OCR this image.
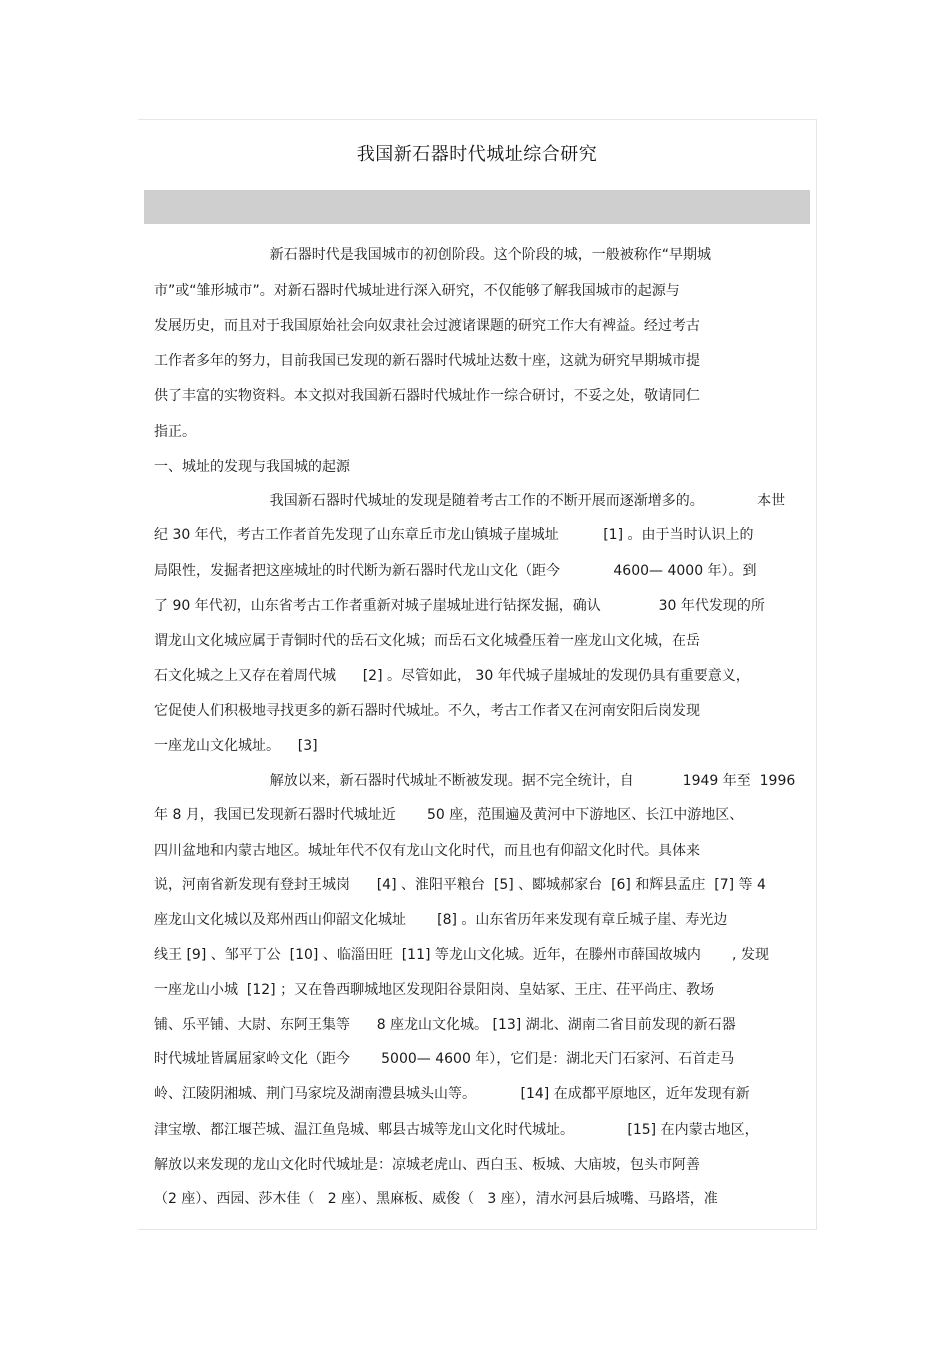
我国新石器时代城址综合研究
新石器时代是我国城市的初创阶段。这个阶段的城，一般被称作“早期城
市”或“雏形城市”。对新石器时代城址进行深入研究，不仅能够了解我国城市的起源与
发展历史，而且对于我国原始社会向奴隶社会过渡诸课题的研究工作大有裨益。经过考古
工作者多年的努力，目前我国已发现的新石器时代城址达数十座，这就为研究早期城市提
供了丰富的实物资料。本文拟对我国新石器时代城址作一综合研讨，不妥之处，敬请同仁
指正。
一、城址的发现与我国城的起源
我国新石器时代城址的发现是随着考古工作的不断开展而逐渐增多的。            本世
纪 30 年代，考古工作者首先发现了山东章丘市龙山镇城子崖城址          [1] 。由于当时认识上的
局限性，发掘者把这座城址的时代断为新石器时代龙山文化（距今            4600— 4000 年）。到
了 90 年代初，山东省考古工作者重新对城子崖城址进行钻探发掘，确认             30 年代发现的所
谓龙山文化城应属于青铜时代的岳石文化城；而岳石文化城叠压着一座龙山文化城，在岳
石文化城之上又存在着周代城      [2] 。尽管如此， 30 年代城子崖城址的发现仍具有重要意义，
它促使人们积极地寻找更多的新石器时代城址。不久，考古工作者又在河南安阳后岗发现
一座龙山文化城址。    [3]
解放以来，新石器时代城址不断被发现。据不完全统计，自           1949 年至  1996
年 8 月，我国已发现新石器时代城址近       50 座，范围遍及黄河中下游地区、长江中游地区、
四川盆地和内蒙古地区。城址年代不仅有龙山文化时代，而且也有仰韶文化时代。具体来
说，河南省新发现有登封王城岗      [4] 、淮阳平粮台  [5] 、郾城郝家台  [6] 和辉县孟庄  [7] 等 4
座龙山文化城以及郑州西山仰韶文化城址       [8] 。山东省历年来发现有章丘城子崖、寿光边
线王 [9] 、邹平丁公  [10] 、临淄田旺  [11] 等龙山文化城。近年，在滕州市薛国故城内       , 发现
一座龙山小城  [12] ；又在鲁西聊城地区发现阳谷景阳岗、皇姑冢、王庄、茌平尚庄、教场
铺、乐平铺、大尉、东阿王集等      8 座龙山文化城。 [13] 湖北、湖南二省目前发现的新石器
时代城址皆属屈家岭文化（距今       5000— 4600 年），它们是：湖北天门石家河、石首走马
岭、江陵阴湘城、荆门马家垸及湖南澧县城头山等。          [14] 在成都平原地区，近年发现有新
津宝墩、都江堰芒城、温江鱼凫城、郫县古城等龙山文化时代城址。            [15] 在内蒙古地区，
解放以来发现的龙山文化时代城址是：凉城老虎山、西白玉、板城、大庙坡，包头市阿善
（2 座）、西园、莎木佳（   2 座）、黑麻板、威俊（   3 座），清水河县后城嘴、马路塔，准
